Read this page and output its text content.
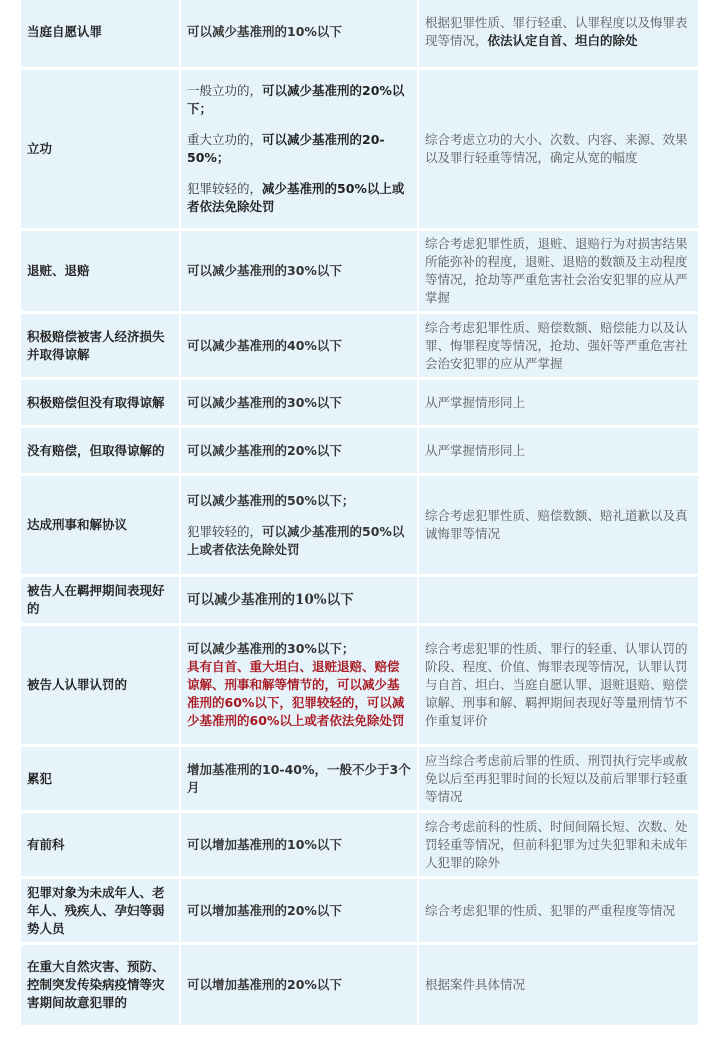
当庭自愿认罪	可以减少基准刑的10%以下	根据犯罪性质、罪行轻重、认罪程度以及悔罪表现等情况，依法认定自首、坦白的除处
立功	一般立功的，可以减少基准刑的20%以下；
重大立功的，可以减少基准刑的20-50%；
犯罪较轻的，减少基准刑的50%以上或者依法免除处罚	综合考虑立功的大小、次数、内容、来源、效果以及罪行轻重等情况，确定从宽的幅度
退赃、退赔	可以减少基准刑的30%以下	综合考虑犯罪性质，退赃、退赔行为对损害结果所能弥补的程度，退赃、退赔的数额及主动程度等情况，抢劫等严重危害社会治安犯罪的应从严掌握
积极赔偿被害人经济损失并取得谅解	可以减少基准刑的40%以下	综合考虑犯罪性质、赔偿数额、赔偿能力以及认罪、悔罪程度等情况，抢劫、强奸等严重危害社会治安犯罪的应从严掌握
积极赔偿但没有取得谅解	可以减少基准刑的30%以下	从严掌握情形同上
没有赔偿，但取得谅解的	可以减少基准刑的20%以下	从严掌握情形同上
达成刑事和解协议	可以减少基准刑的50%以下；
犯罪较轻的，可以减少基准刑的50%以上或者依法免除处罚	综合考虑犯罪性质、赔偿数额、赔礼道歉以及真诚悔罪等情况
被告人在羁押期间表现好的	可以减少基准刑的10%以下	
被告人认罪认罚的	可以减少基准刑的30%以下；
具有自首、重大坦白、退赃退赔、赔偿谅解、刑事和解等情节的，可以减少基准刑的60%以下，犯罪较轻的，可以减少基准刑的60%以上或者依法免除处罚	综合考虑犯罪的性质、罪行的轻重、认罪认罚的阶段、程度、价值、悔罪表现等情况，认罪认罚与自首、坦白、当庭自愿认罪、退赃退赔、赔偿谅解、刑事和解、羁押期间表现好等量刑情节不作重复评价
累犯	增加基准刑的10-40%，一般不少于3个月	应当综合考虑前后罪的性质、刑罚执行完毕或赦免以后至再犯罪时间的长短以及前后罪罪行轻重等情况
有前科	可以增加基准刑的10%以下	综合考虑前科的性质、时间间隔长短、次数、处罚轻重等情况，但前科犯罪为过失犯罪和未成年人犯罪的除外
犯罪对象为未成年人、老年人、残疾人、孕妇等弱势人员	可以增加基准刑的20%以下	综合考虑犯罪的性质、犯罪的严重程度等情况
在重大自然灾害、预防、控制突发传染病疫情等灾害期间故意犯罪的	可以增加基准刑的20%以下	根据案件具体情况
